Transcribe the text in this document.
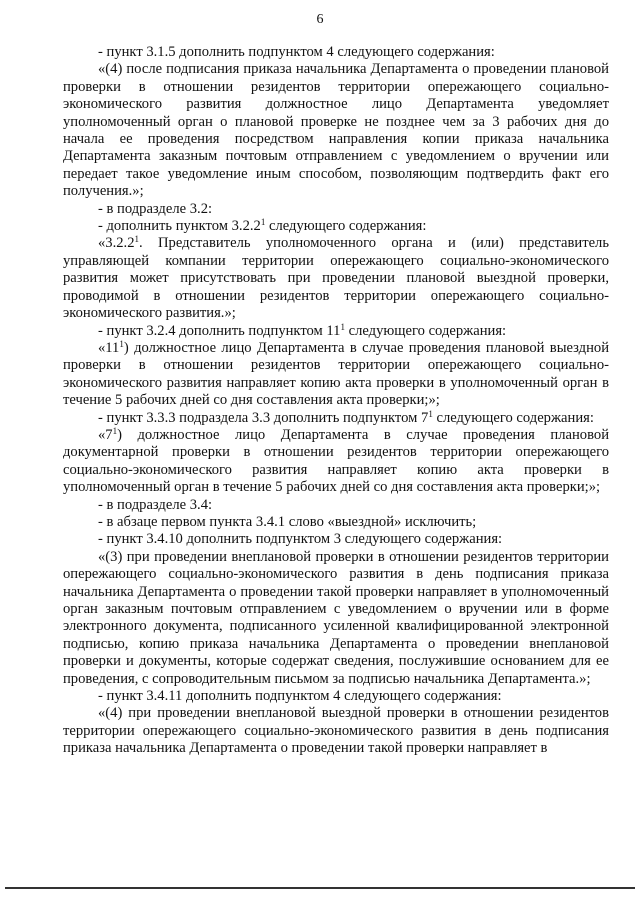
6

- пункт 3.1.5 дополнить подпунктом 4 следующего содержания:

«(4) после подписания приказа начальника Департамента о проведении плановой проверки в отношении резидентов территории опережающего социально-экономического развития должностное лицо Департамента уведомляет уполномоченный орган о плановой проверке не позднее чем за 3 рабочих дня до начала ее проведения посредством направления копии приказа начальника Департамента заказным почтовым отправлением с уведомлением о вручении или передает такое уведомление иным способом, позволяющим подтвердить факт его получения.»;

- в подразделе 3.2:

- дополнить пунктом 3.2.2$^1$ следующего содержания:

«3.2.2$^1$. Представитель уполномоченного органа и (или) представитель управляющей компании территории опережающего социально-экономического развития может присутствовать при проведении плановой выездной проверки, проводимой в отношении резидентов территории опережающего социально-экономического развития.»;

- пункт 3.2.4 дополнить подпунктом $11^1$ следующего содержания:

«$11^1$) должностное лицо Департамента в случае проведения плановой выездной проверки в отношении резидентов территории опережающего социально-экономического развития направляет копию акта проверки в уполномоченный орган в течение 5 рабочих дней со дня составления акта проверки;»;

- пункт 3.3.3 подраздела 3.3 дополнить подпунктом $7^1$ следующего содержания:

«$7^1$) должностное лицо Департамента в случае проведения плановой документарной проверки в отношении резидентов территории опережающего социально-экономического развития направляет копию акта проверки в уполномоченный орган в течение 5 рабочих дней со дня составления акта проверки;»;

- в подразделе 3.4:

- в абзаце первом пункта 3.4.1 слово «выездной» исключить;

- пункт 3.4.10 дополнить подпунктом 3 следующего содержания:

«(3) при проведении внеплановой проверки в отношении резидентов территории опережающего социально-экономического развития в день подписания приказа начальника Департамента о проведении такой проверки направляет в уполномоченный орган заказным почтовым отправлением с уведомлением о вручении или в форме электронного документа, подписанного усиленной квалифицированной электронной подписью, копию приказа начальника Департамента о проведении внеплановой проверки и документы, которые содержат сведения, послужившие основанием для ее проведения, с сопроводительным письмом за подписью начальника Департамента.»;

- пункт 3.4.11 дополнить подпунктом 4 следующего содержания:

«(4) при проведении внеплановой выездной проверки в отношении резидентов территории опережающего социально-экономического развития в день подписания приказа начальника Департамента о проведении такой проверки направляет в
